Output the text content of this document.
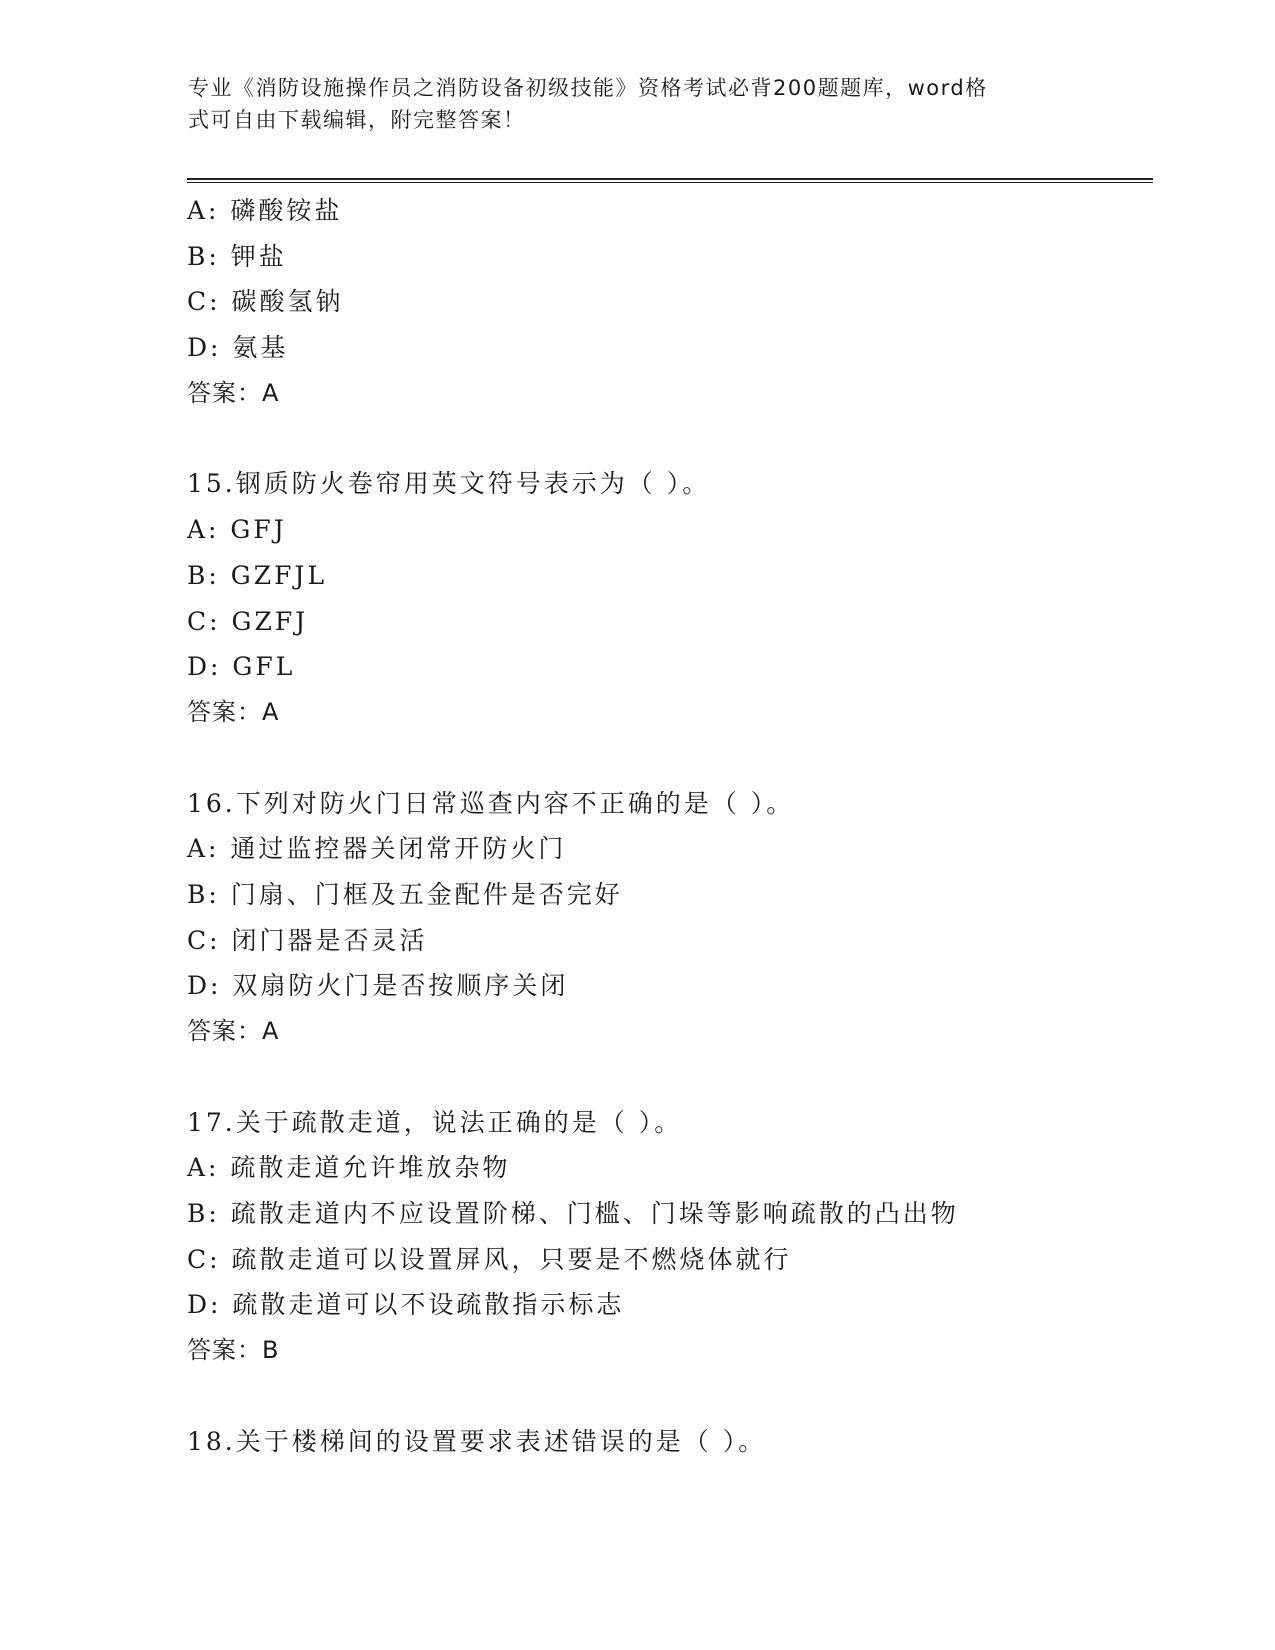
专业《消防设施操作员之消防设备初级技能》资格考试必背200题题库，word格
式可自由下载编辑，附完整答案！
A: 磷酸铵盐
B: 钾盐
C: 碳酸氢钠
D: 氨基
答案：A
15.钢质防火卷帘用英文符号表示为（ ）。
A: GFJ
B: GZFJL
C: GZFJ
D: GFL
答案：A
16.下列对防火门日常巡查内容不正确的是（ ）。
A: 通过监控器关闭常开防火门
B: 门扇、门框及五金配件是否完好
C: 闭门器是否灵活
D: 双扇防火门是否按顺序关闭
答案：A
17.关于疏散走道，说法正确的是（ ）。
A: 疏散走道允许堆放杂物
B: 疏散走道内不应设置阶梯、门槛、门垛等影响疏散的凸出物
C: 疏散走道可以设置屏风，只要是不燃烧体就行
D: 疏散走道可以不设疏散指示标志
答案：B
18.关于楼梯间的设置要求表述错误的是（ ）。
